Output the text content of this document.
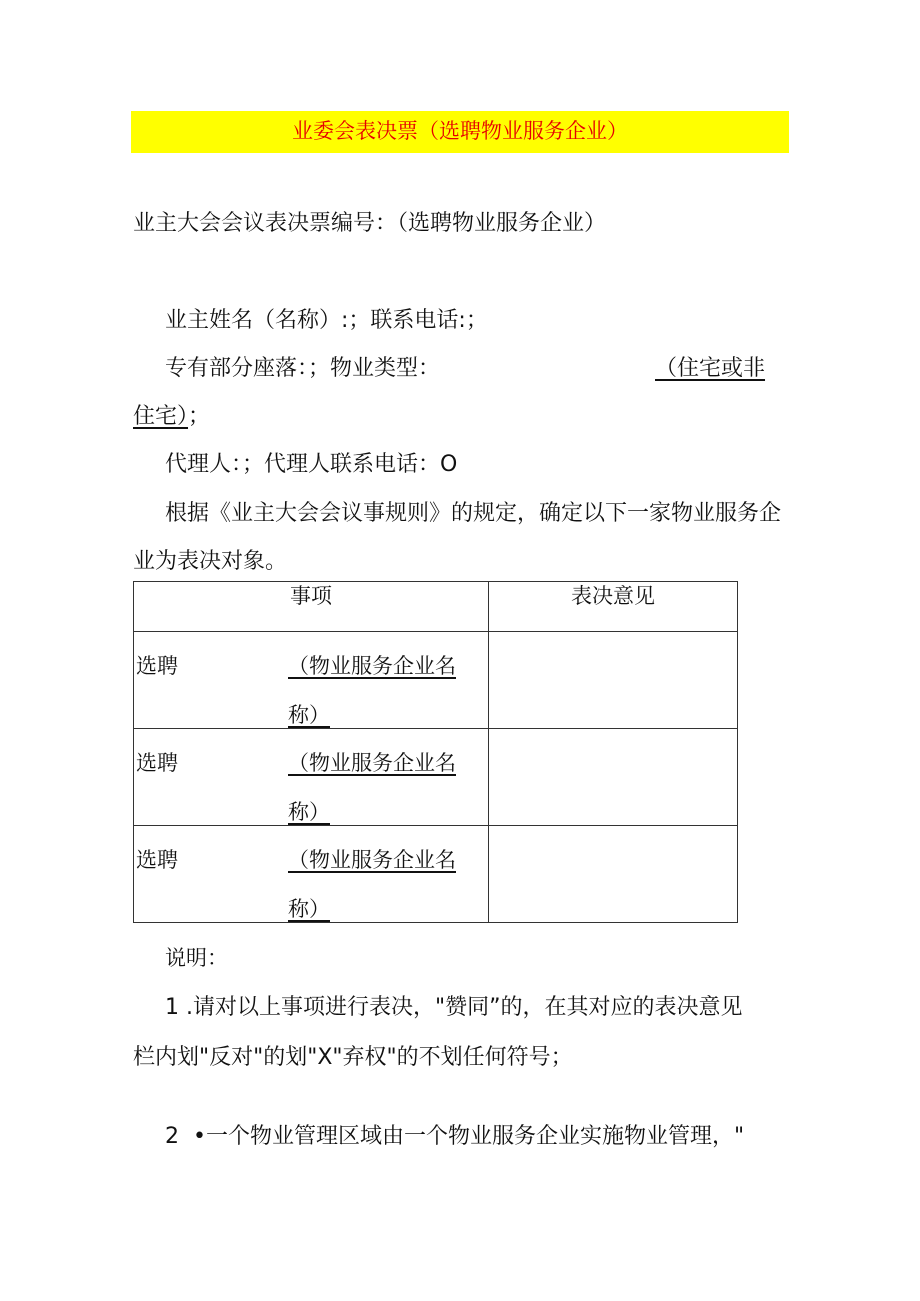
业委会表决票（选聘物业服务企业）
业主大会会议表决票编号：（选聘物业服务企业）
业主姓名（名称）:；联系电话:；
专有部分座落：；物业类型：	（住宅或非
住宅）；
代理人：；代理人联系电话：O
根据《业主大会会议事规则》的规定，确定以下一家物业服务企
业为表决对象。
事项	表决意见

选聘 （物业服务企业名
称）	

选聘 （物业服务企业名
称）	

选聘 （物业服务企业名
称）	

说明：
1 .请对以上事项进行表决，"赞同”的，在其对应的表决意见
栏内划"反对"的划"X"弃权"的不划任何符号；
2  •一个物业管理区域由一个物业服务企业实施物业管理，"
